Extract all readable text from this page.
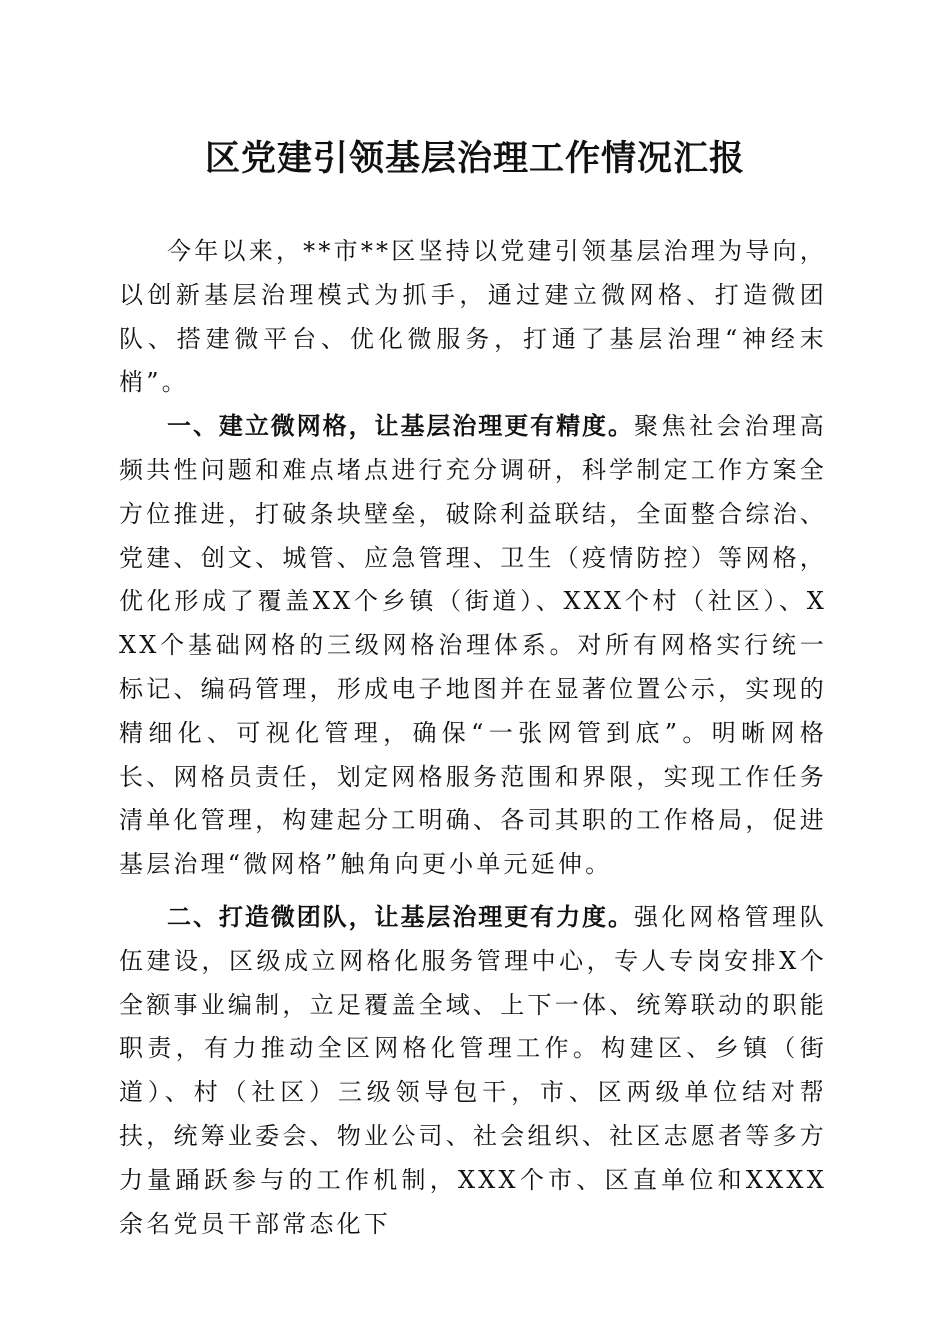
区党建引领基层治理工作情况汇报

今年以来，**市**区坚持以党建引领基层治理为导向，以创新基层治理模式为抓手，通过建立微网格、打造微团队、搭建微平台、优化微服务，打通了基层治理“神经末梢”。

一、建立微网格，让基层治理更有精度。聚焦社会治理高频共性问题和难点堵点进行充分调研，科学制定工作方案全方位推进，打破条块壁垒，破除利益联结，全面整合综治、党建、创文、城管、应急管理、卫生（疫情防控）等网格，优化形成了覆盖XX个乡镇（街道）、XXX个村（社区）、XXX个基础网格的三级网格治理体系。对所有网格实行统一标记、编码管理，形成电子地图并在显著位置公示，实现的精细化、可视化管理，确保“一张网管到底”。明晰网格长、网格员责任，划定网格服务范围和界限，实现工作任务清单化管理，构建起分工明确、各司其职的工作格局，促进基层治理“微网格”触角向更小单元延伸。

二、打造微团队，让基层治理更有力度。强化网格管理队伍建设，区级成立网格化服务管理中心，专人专岗安排X个全额事业编制，立足覆盖全域、上下一体、统筹联动的职能职责，有力推动全区网格化管理工作。构建区、乡镇（街道）、村（社区）三级领导包干，市、区两级单位结对帮扶，统筹业委会、物业公司、社会组织、社区志愿者等多方力量踊跃参与的工作机制，XXX个市、区直单位和XXXX余名党员干部常态化下
